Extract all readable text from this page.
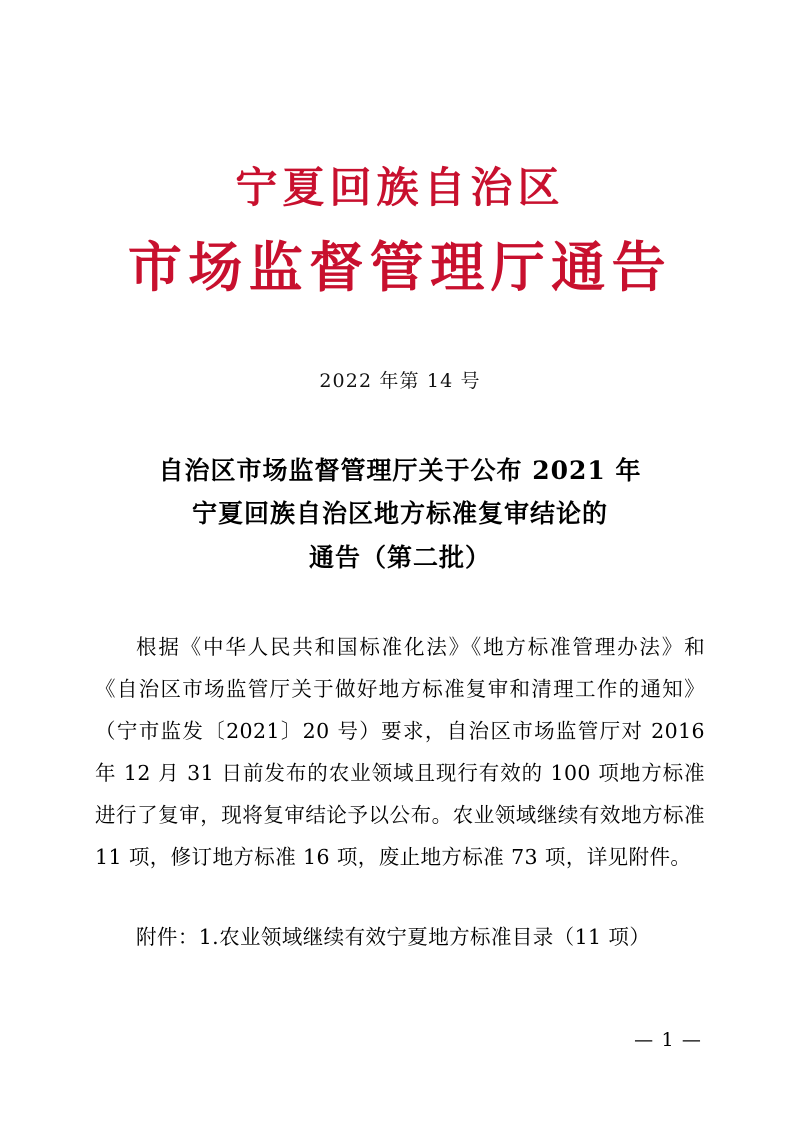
宁夏回族自治区
市场监督管理厅通告
2022 年第 14 号
自治区市场监督管理厅关于公布 2021 年
宁夏回族自治区地方标准复审结论的
通告（第二批）

根据《中华人民共和国标准化法》《地方标准管理办法》和《自治区市场监管厅关于做好地方标准复审和清理工作的通知》（宁市监发〔2021〕20 号）要求，自治区市场监管厅对 2016 年 12 月 31 日前发布的农业领域且现行有效的 100 项地方标准进行了复审，现将复审结论予以公布。农业领域继续有效地方标准 11 项，修订地方标准 16 项，废止地方标准 73 项，详见附件。

附件：1.农业领域继续有效宁夏地方标准目录（11 项）
— 1 —
